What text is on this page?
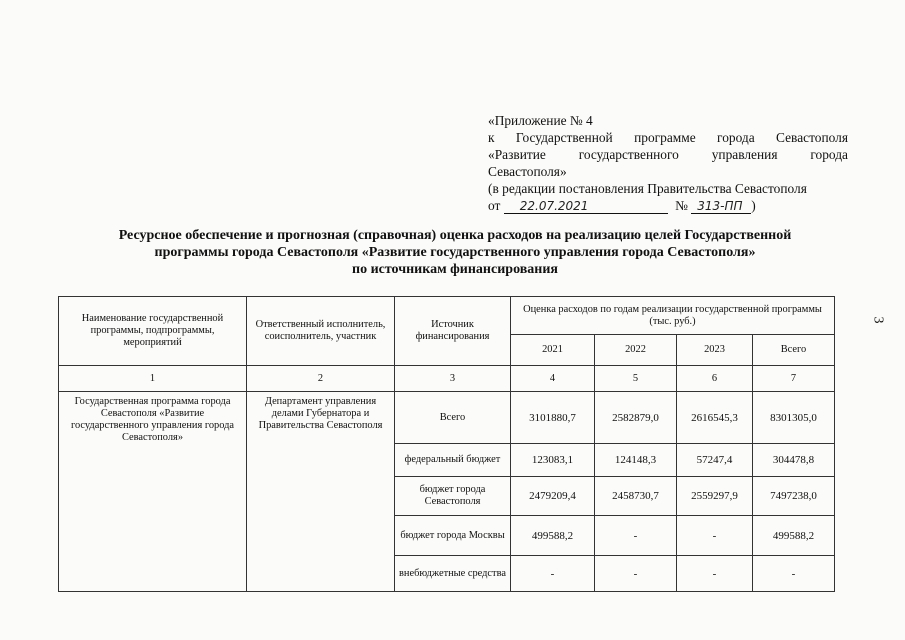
«Приложение № 4
к Государственной программе города Севастополя
«Развитие государственного управления города
Севастополя»
(в редакции постановления Правительства Севастополя
от 22.07.2021	№ 313-ПП )
Ресурсное обеспечение и прогнозная (справочная) оценка расходов на реализацию целей Государственной
программы города Севастополя «Развитие государственного управления города Севастополя»
по источникам финансирования
3
Наименование государственной программы, подпрограммы, мероприятий	Ответственный исполнитель, соисполнитель, участник	Источник финансирования	Оценка расходов по годам реализации государственной программы (тыс. руб.)			
			2021	2022	2023	Всего
1	2	3	4	5	6	7
Государственная программа города Севастополя «Развитие государственного управления города Севастополя»	Департамент управления делами Губернатора и Правительства Севастополя	Всего	3101880,7	2582879,0	2616545,3	8301305,0
		федеральный бюджет	123083,1	124148,3	57247,4	304478,8
		бюджет города Севастополя	2479209,4	2458730,7	2559297,9	7497238,0
		бюджет города Москвы	499588,2	-	-	499588,2
		внебюджетные средства	-	-	-	-
